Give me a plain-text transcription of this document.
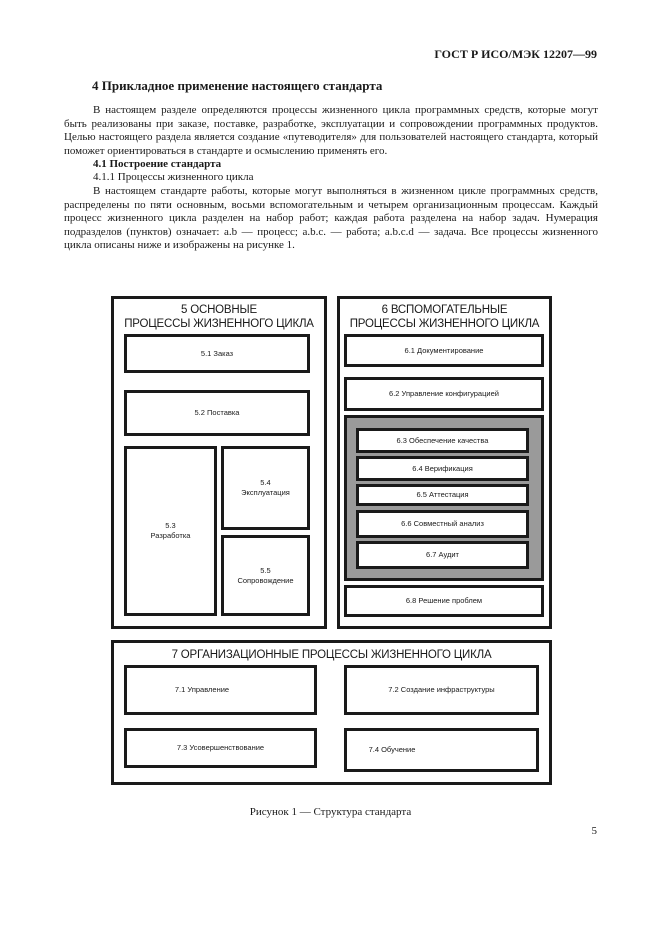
ГОСТ Р ИСО/МЭК 12207—99
4 Прикладное применение настоящего стандарта
В настоящем разделе определяются процессы жизненного цикла программных средств, которые могут быть реализованы при заказе, поставке, разработке, эксплуатации и сопровождении программных продуктов. Целью настоящего раздела является создание «путеводителя» для пользователей настоящего стандарта, который поможет ориентироваться в стандарте и осмыслению применять его.
4.1 Построение стандарта
4.1.1 Процессы жизненного цикла
В настоящем стандарте работы, которые могут выполняться в жизненном цикле программных средств, распределены по пяти основным, восьми вспомогательным и четырем организационным процессам. Каждый процесс жизненного цикла разделен на набор работ; каждая работа разделена на набор задач. Нумерация подразделов (пунктов) означает: a.b — процесс; a.b.c. — работа; a.b.c.d — задача. Все процессы жизненного цикла описаны ниже и изображены на рисунке 1.
5 ОСНОВНЫЕ
ПРОЦЕССЫ ЖИЗНЕННОГО ЦИКЛА
5.1 Заказ
5.2 Поставка
5.3
Разработка
5.4
Эксплуатация
5.5
Сопровождение
6 ВСПОМОГАТЕЛЬНЫЕ
ПРОЦЕССЫ ЖИЗНЕННОГО ЦИКЛА
6.1 Документирование
6.2 Управление конфигурацией
6.3 Обеспечение качества
6.4 Верификация
6.5 Аттестация
6.6 Совместный анализ
6.7 Аудит
6.8 Решение проблем
7 ОРГАНИЗАЦИОННЫЕ ПРОЦЕССЫ ЖИЗНЕННОГО ЦИКЛА
7.1 Управление	7.2 Создание инфраструктуры
7.3 Усовершенствование	7.4 Обучение
Рисунок 1 — Структура стандарта
5
